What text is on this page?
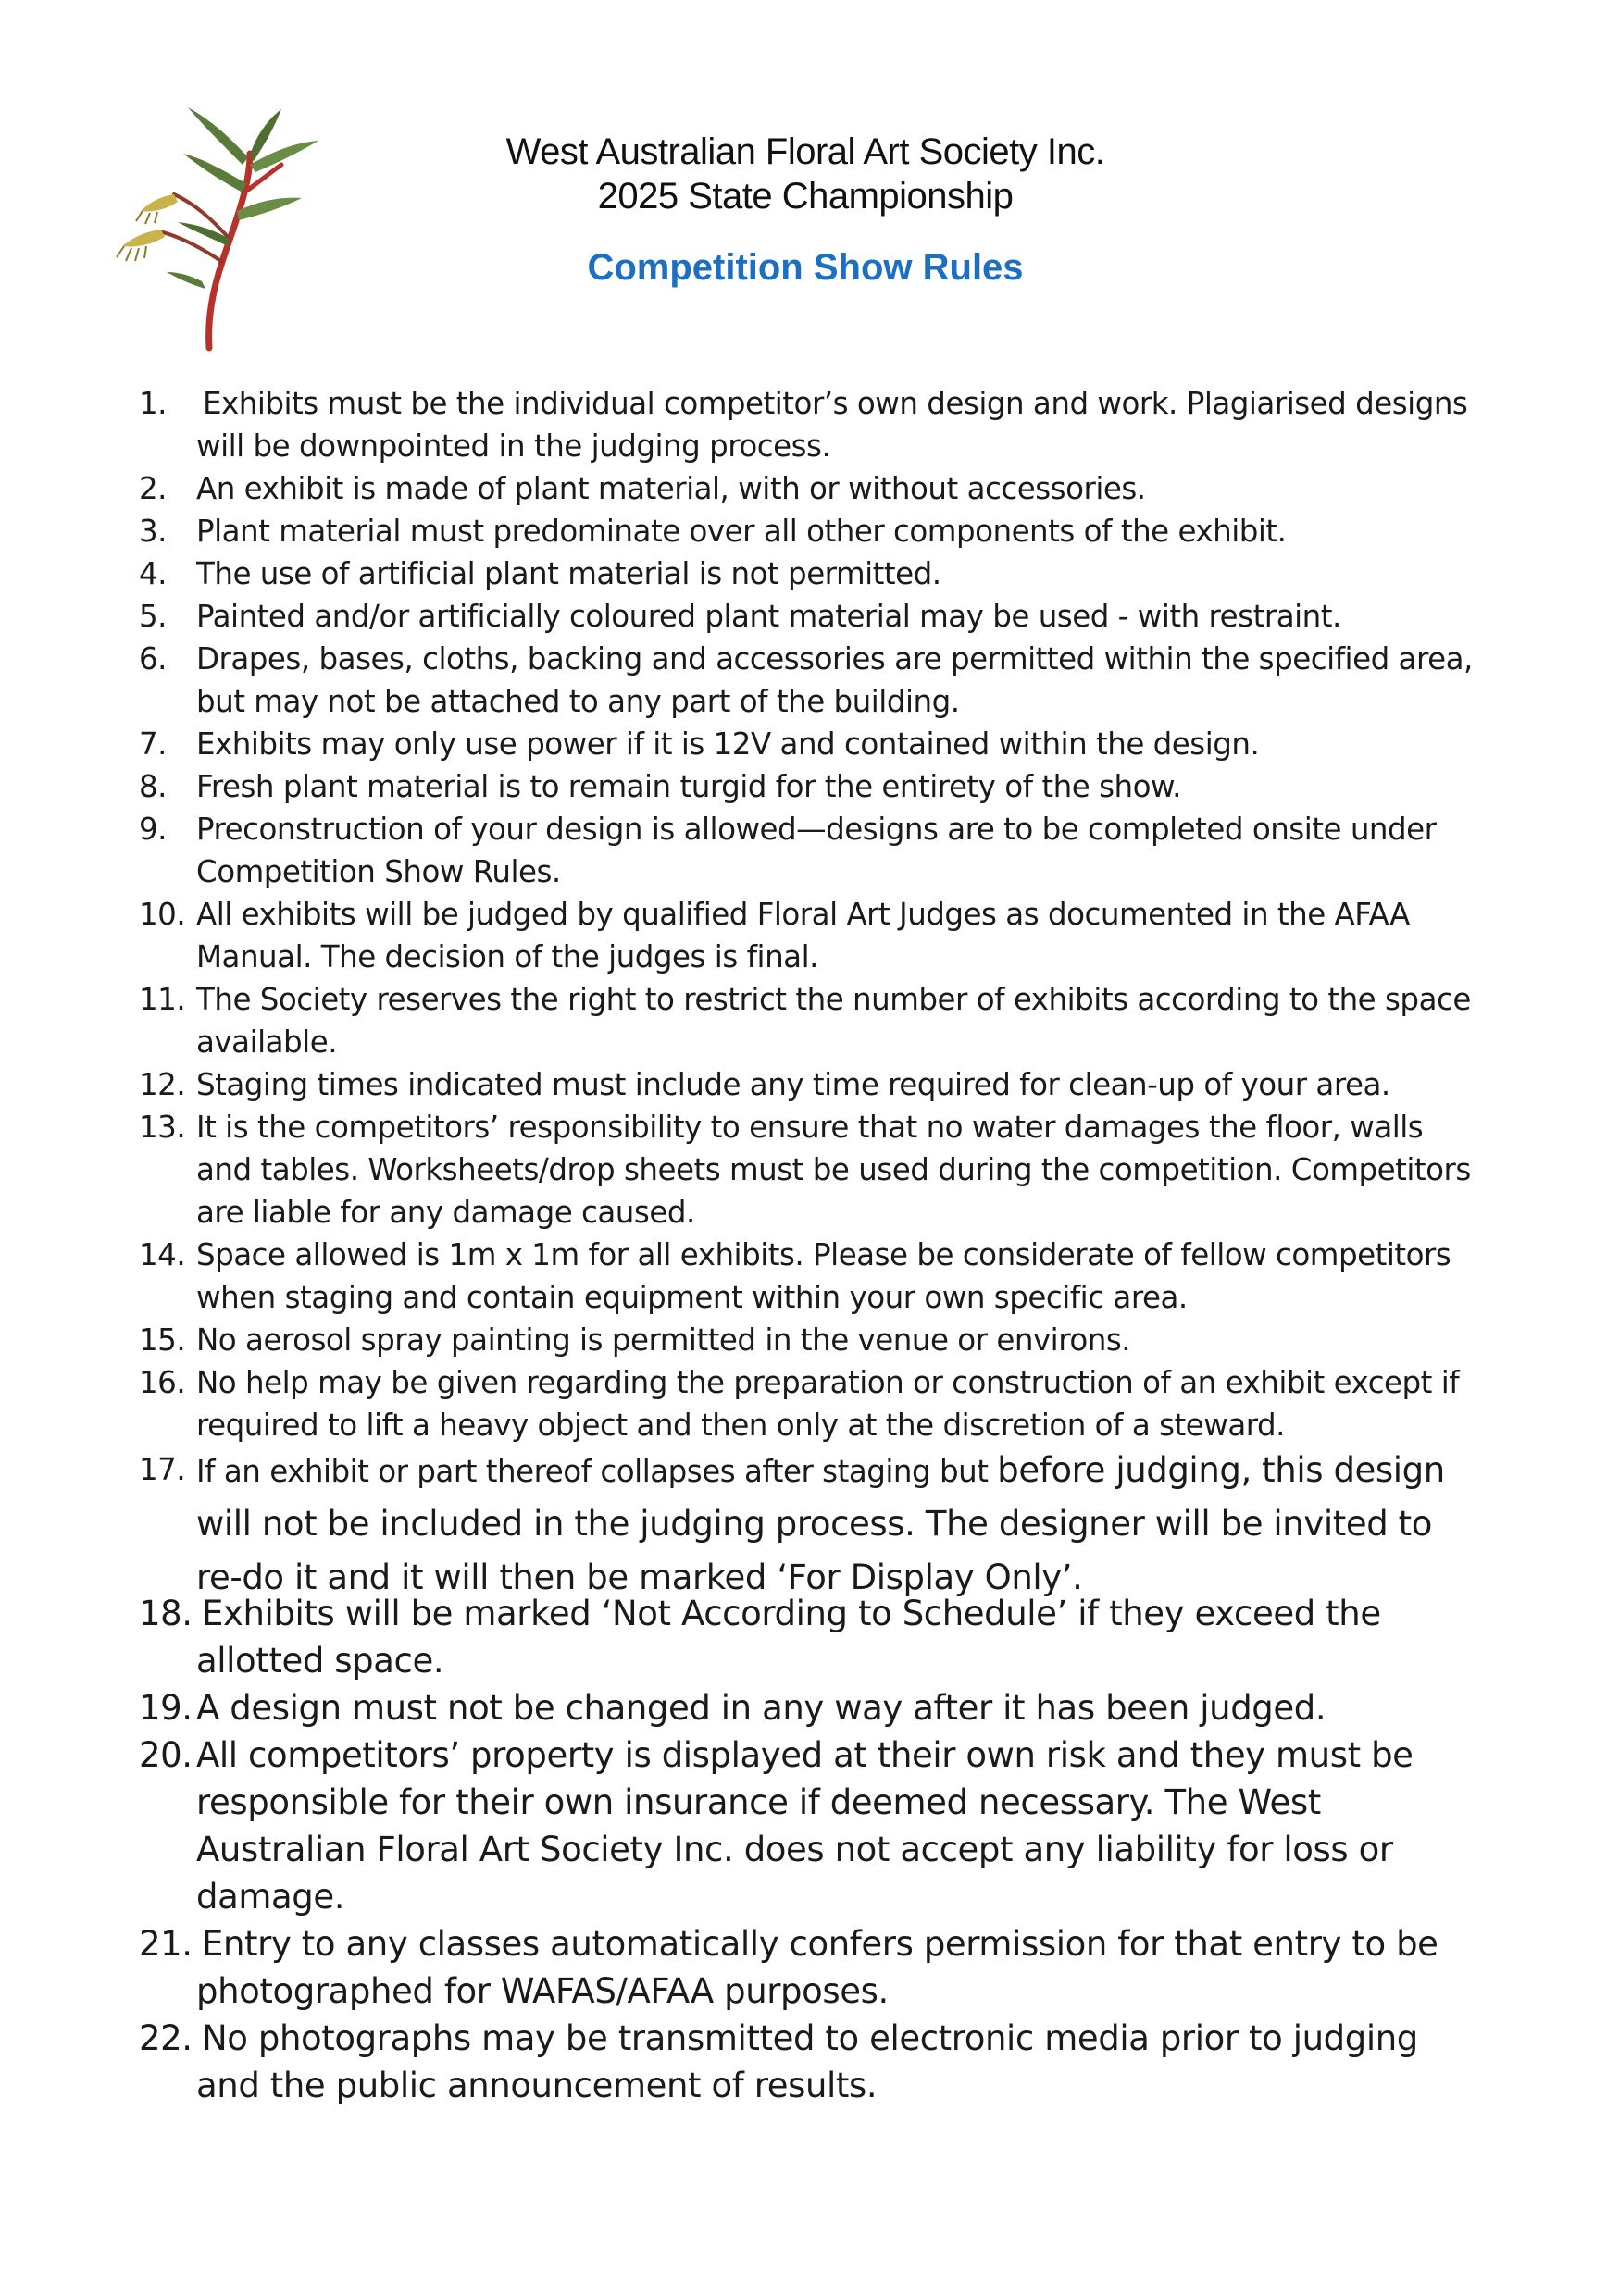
West Australian Floral Art Society Inc.
2025 State Championship
Competition Show Rules
1. Exhibits must be the individual competitor’s own design and work. Plagiarised designs will be downpointed in the judging process.
2. An exhibit is made of plant material, with or without accessories.
3. Plant material must predominate over all other components of the exhibit.
4. The use of artificial plant material is not permitted.
5. Painted and/or artificially coloured plant material may be used - with restraint.
6. Drapes, bases, cloths, backing and accessories are permitted within the specified area, but may not be attached to any part of the building.
7. Exhibits may only use power if it is 12V and contained within the design.
8. Fresh plant material is to remain turgid for the entirety of the show.
9. Preconstruction of your design is allowed—designs are to be completed onsite under Competition Show Rules.
10. All exhibits will be judged by qualified Floral Art Judges as documented in the AFAA Manual. The decision of the judges is final.
11. The Society reserves the right to restrict the number of exhibits according to the space available.
12. Staging times indicated must include any time required for clean-up of your area.
13. It is the competitors’ responsibility to ensure that no water damages the floor, walls and tables. Worksheets/drop sheets must be used during the competition. Competitors are liable for any damage caused.
14. Space allowed is 1m x 1m for all exhibits. Please be considerate of fellow competitors when staging and contain equipment within your own specific area.
15. No aerosol spray painting is permitted in the venue or environs.
16. No help may be given regarding the preparation or construction of an exhibit except if required to lift a heavy object and then only at the discretion of a steward.
17. If an exhibit or part thereof collapses after staging but before judging, this design will not be included in the judging process. The designer will be invited to re-do it and it will then be marked ‘For Display Only’.
18. Exhibits will be marked ‘Not According to Schedule’ if they exceed the allotted space.
19. A design must not be changed in any way after it has been judged.
20. All competitors’ property is displayed at their own risk and they must be responsible for their own insurance if deemed necessary. The West Australian Floral Art Society Inc. does not accept any liability for loss or damage.
21. Entry to any classes automatically confers permission for that entry to be photographed for WAFAS/AFAA purposes.
22. No photographs may be transmitted to electronic media prior to judging and the public announcement of results.
